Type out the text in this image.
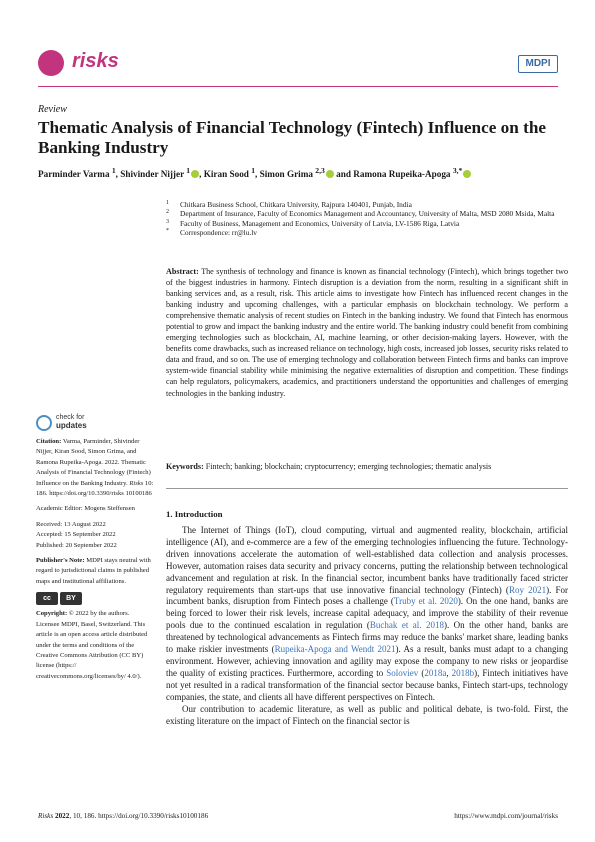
risks	MDPI
Review
Thematic Analysis of Financial Technology (Fintech) Influence on the Banking Industry
Parminder Varma $^1$, Shivinder Nijjer $^1$ , Kiran Sood $^1$, Simon Grima $^{2,3}$ and Ramona Rupeika-Apoga $^{3,*}$
1 Chitkara Business School, Chitkara University, Rajpura 140401, Punjab, India
2 Department of Insurance, Faculty of Economics Management and Accountancy, University of Malta, MSD 2080 Msida, Malta
3 Faculty of Business, Management and Economics, University of Latvia, LV-1586 Riga, Latvia
* Correspondence: rr@lu.lv
Abstract: The synthesis of technology and finance is known as financial technology (Fintech), which brings together two of the biggest industries in harmony. Fintech disruption is a deviation from the norm, resulting in a significant shift in banking services and, as a result, risk. This article aims to investigate how Fintech has influenced recent changes in the banking industry and upcoming challenges, with a particular emphasis on blockchain technology. We perform a comprehensive thematic analysis of recent studies on Fintech in the banking industry. We found that Fintech has enormous potential to grow and impact the banking industry and the entire world. The banking industry could benefit from combining emerging technologies such as blockchain, AI, machine learning, or other decision-making layers. However, with the benefits come drawbacks, such as increased reliance on technology, high costs, increased job losses, security risks related to data and fraud, and so on. The use of emerging technology and collaboration between Fintech firms and banks can improve system-wide financial stability while minimising the negative externalities of disruption and competition. These findings can help regulators, policymakers, academics, and practitioners understand the opportunities and challenges of emerging technologies in the banking industry.
Keywords: Fintech; banking; blockchain; cryptocurrency; emerging technologies; thematic analysis
check for
updates

Citation: Varma, Parminder, Shivinder Nijjer, Kiran Sood, Simon Grima, and Ramona Rupeika-Apoga. 2022. Thematic Analysis of Financial Technology (Fintech) Influence on the Banking Industry. Risks 10: 186. https://doi.org/10.3390/risks 10100186

Academic Editor: Mogens Steffensen

Received: 13 August 2022
Accepted: 15 September 2022

Published: 20 September 2022

Publisher's Note: MDPI stays neutral with regard to jurisdictional claims in published maps and institutional affiliations.

cc	BY

Copyright: © 2022 by the authors. Licensee MDPI, Basel, Switzerland. This article is an open access article distributed under the terms and conditions of the Creative Commons Attribution (CC BY) license (https:// creativecommons.org/licenses/by/ 4.0/).

1. Introduction

The Internet of Things (IoT), cloud computing, virtual and augmented reality, blockchain, artificial intelligence (AI), and e-commerce are a few of the emerging technologies influencing the future. Technology-driven innovations accelerate the automation of well-established data collection and analysis processes. However, automation raises data security and privacy concerns, putting the relationship between technological advancement and regulation at risk. In the financial sector, incumbent banks have traditionally faced stricter regulatory requirements than start-ups that use innovative financial technology (Fintech) (Roy 2021). For incumbent banks, disruption from Fintech poses a challenge (Truby et al. 2020). On the one hand, banks are being forced to lower their risk levels, increase capital adequacy, and improve the stability of their revenue pools due to the continued escalation in regulation (Buchak et al. 2018). On the other hand, banks are threatened by technological advancements as Fintech firms may reduce the banks' market share, leading banks to make riskier investments (Rupeika-Apoga and Wendt 2021). As a result, banks must adapt to a changing environment. However, achieving innovation and agility may expose the company to new risks or jeopardise the quality of existing practices. Furthermore, according to Soloviev (2018a, 2018b), Fintech initiatives have not yet resulted in a radical transformation of the financial sector because banks, Fintech start-ups, technology companies, the state, and clients all have different perspectives on Fintech.

Our contribution to academic literature, as well as public and political debate, is two-fold. First, the existing literature on the impact of Fintech on the financial sector is

Risks 2022, 10, 186. https://doi.org/10.3390/risks10100186	https://www.mdpi.com/journal/risks
